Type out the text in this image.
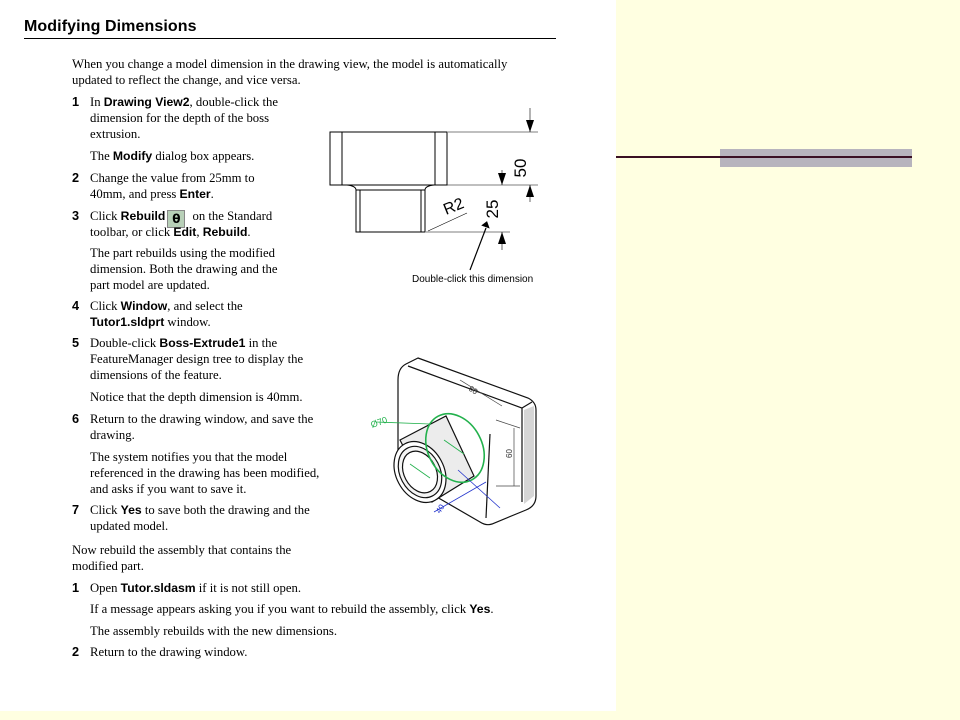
Modifying Dimensions

When you change a model dimension in the drawing view, the model is automatically

updated to reflect the change, and vice versa.

1 In Drawing View2, double-click the

dimension for the depth of the boss

extrusion.

The Modify dialog box appears.

2 Change the value from 25mm to

40mm, and press Enter.

3 Click Rebuild θ on the Standard

toolbar, or click Edit, Rebuild.

The part rebuilds using the modified

dimension. Both the drawing and the

part model are updated.

4 Click Window, and select the

Tutor1.sldprt window.

5 Double-click Boss-Extrude1 in the

FeatureManager design tree to display the

dimensions of the feature.

Notice that the depth dimension is 40mm.

6 Return to the drawing window, and save the

drawing.

The system notifies you that the model

referenced in the drawing has been modified,

and asks if you want to save it.

7 Click Yes to save both the drawing and the

updated model.

Now rebuild the assembly that contains the

modified part.

1 Open Tutor.sldasm if it is not still open.

If a message appears asking you if you want to rebuild the assembly, click Yes.

The assembly rebuilds with the new dimensions.

2 Return to the drawing window.

50
25
R2
Double-click this dimension
60
60
40
Ø70
